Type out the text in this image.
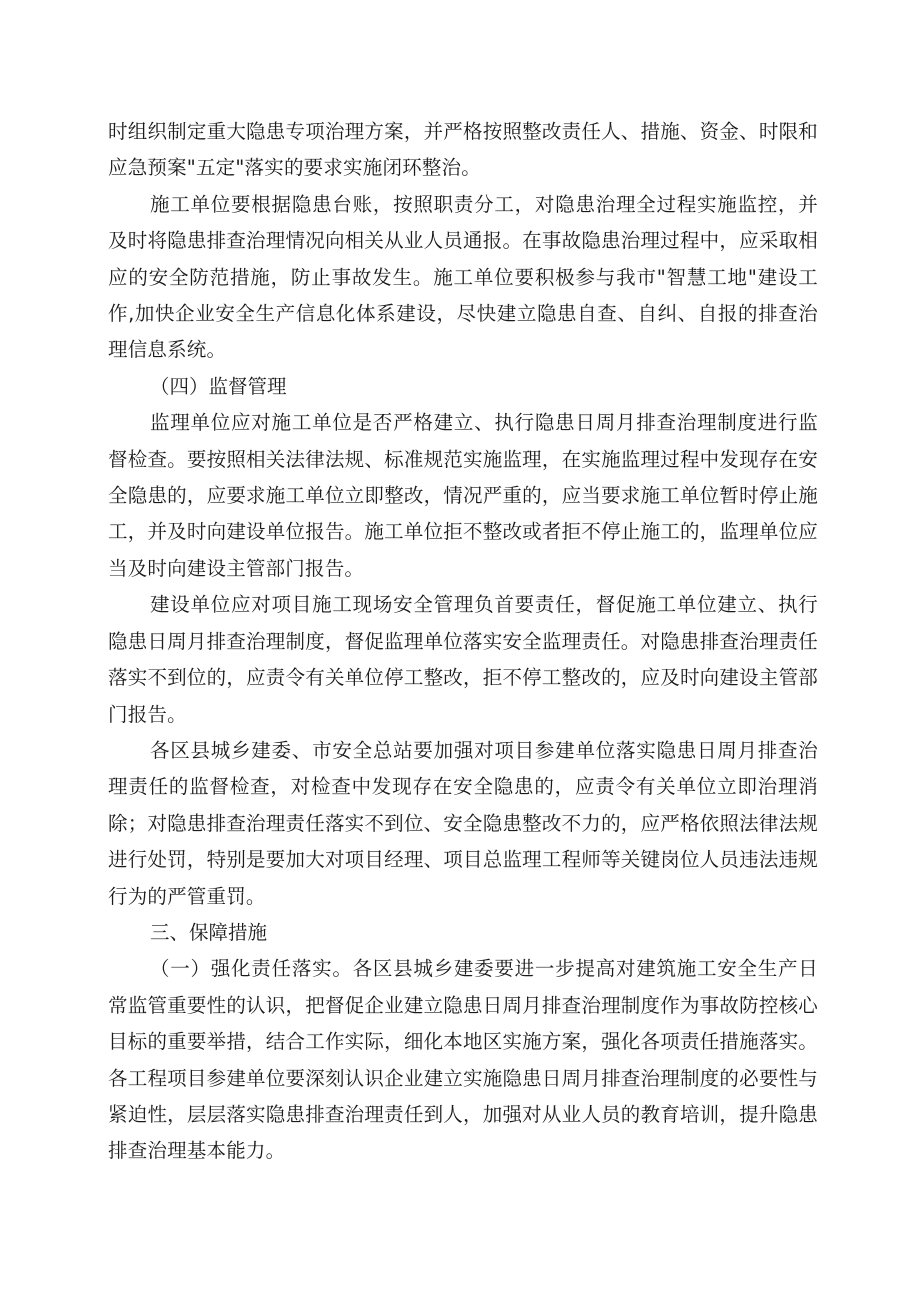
时组织制定重大隐患专项治理方案，并严格按照整改责任人、措施、资金、时限和应急预案"五定"落实的要求实施闭环整治。

施工单位要根据隐患台账，按照职责分工，对隐患治理全过程实施监控，并及时将隐患排查治理情况向相关从业人员通报。在事故隐患治理过程中，应采取相应的安全防范措施，防止事故发生。施工单位要积极参与我市"智慧工地"建设工作,加快企业安全生产信息化体系建设，尽快建立隐患自查、自纠、自报的排查治理信息系统。

（四）监督管理

监理单位应对施工单位是否严格建立、执行隐患日周月排查治理制度进行监督检查。要按照相关法律法规、标准规范实施监理，在实施监理过程中发现存在安全隐患的，应要求施工单位立即整改，情况严重的，应当要求施工单位暂时停止施工，并及时向建设单位报告。施工单位拒不整改或者拒不停止施工的，监理单位应当及时向建设主管部门报告。

建设单位应对项目施工现场安全管理负首要责任，督促施工单位建立、执行隐患日周月排查治理制度，督促监理单位落实安全监理责任。对隐患排查治理责任落实不到位的，应责令有关单位停工整改，拒不停工整改的，应及时向建设主管部门报告。

各区县城乡建委、市安全总站要加强对项目参建单位落实隐患日周月排查治理责任的监督检查，对检查中发现存在安全隐患的，应责令有关单位立即治理消除；对隐患排查治理责任落实不到位、安全隐患整改不力的，应严格依照法律法规进行处罚，特别是要加大对项目经理、项目总监理工程师等关键岗位人员违法违规行为的严管重罚。

三、保障措施

（一）强化责任落实。各区县城乡建委要进一步提高对建筑施工安全生产日常监管重要性的认识，把督促企业建立隐患日周月排查治理制度作为事故防控核心目标的重要举措，结合工作实际，细化本地区实施方案，强化各项责任措施落实。各工程项目参建单位要深刻认识企业建立实施隐患日周月排查治理制度的必要性与紧迫性，层层落实隐患排查治理责任到人，加强对从业人员的教育培训，提升隐患排查治理基本能力。
